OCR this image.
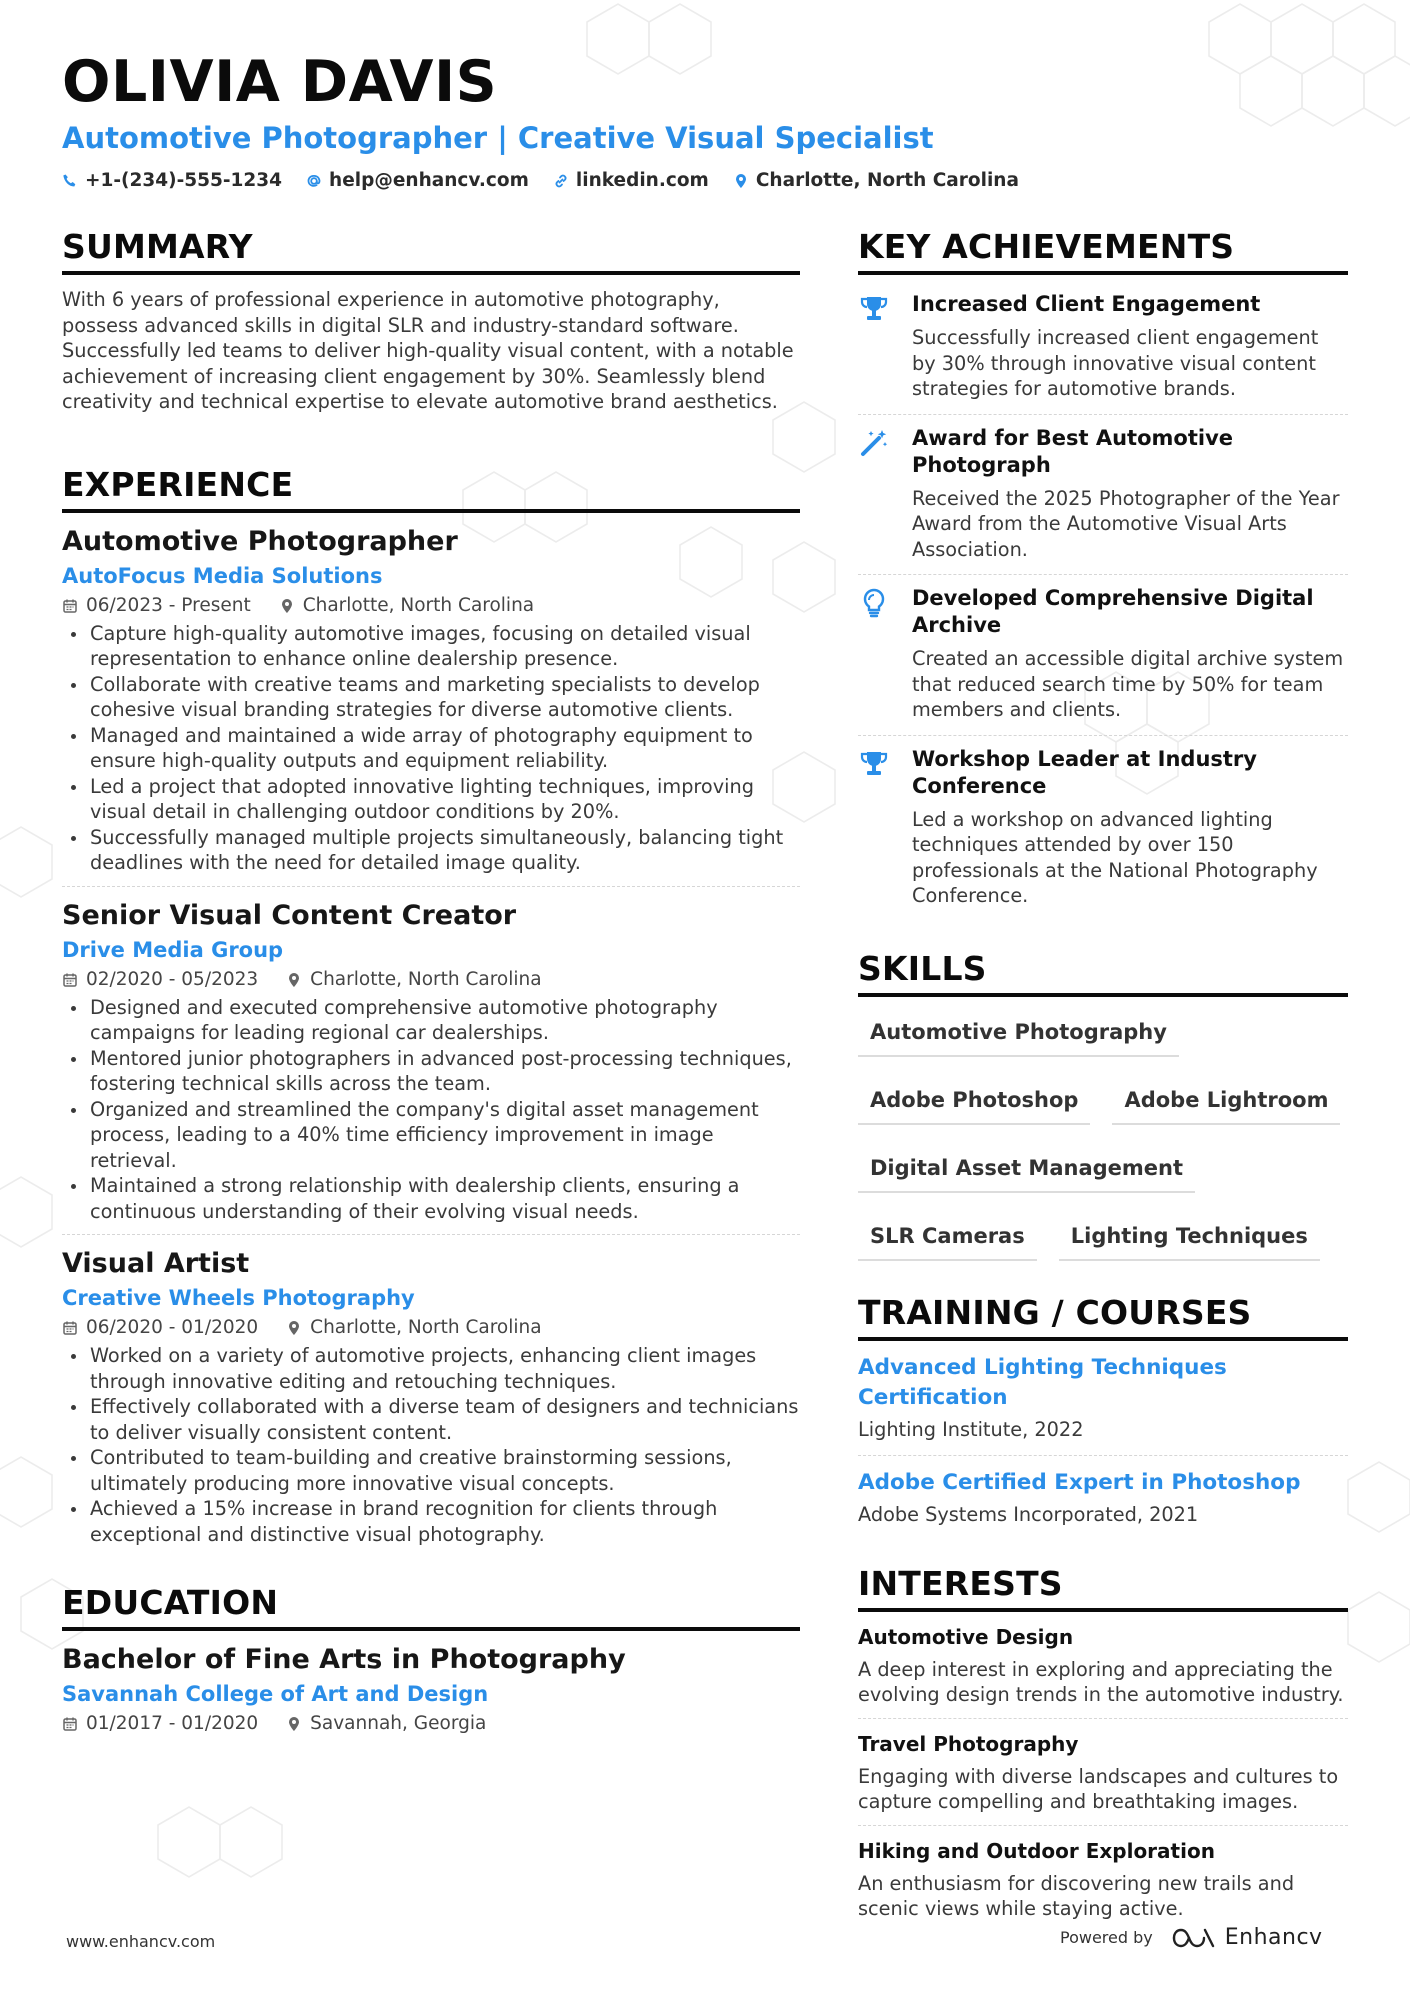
OLIVIA DAVIS
Automotive Photographer | Creative Visual Specialist
+1-(234)-555-1234	help@enhancv.com	linkedin.com	Charlotte, North Carolina
SUMMARY
With 6 years of professional experience in automotive photography, possess advanced skills in digital SLR and industry-standard software. Successfully led teams to deliver high-quality visual content, with a notable achievement of increasing client engagement by 30%. Seamlessly blend creativity and technical expertise to elevate automotive brand aesthetics.
EXPERIENCE
Automotive Photographer
AutoFocus Media Solutions
06/2023 - Present	Charlotte, North Carolina
Capture high-quality automotive images, focusing on detailed visual representation to enhance online dealership presence.
Collaborate with creative teams and marketing specialists to develop cohesive visual branding strategies for diverse automotive clients.
Managed and maintained a wide array of photography equipment to ensure high-quality outputs and equipment reliability.
Led a project that adopted innovative lighting techniques, improving visual detail in challenging outdoor conditions by 20%.
Successfully managed multiple projects simultaneously, balancing tight deadlines with the need for detailed image quality.
Senior Visual Content Creator
Drive Media Group
02/2020 - 05/2023	Charlotte, North Carolina
Designed and executed comprehensive automotive photography campaigns for leading regional car dealerships.
Mentored junior photographers in advanced post-processing techniques, fostering technical skills across the team.
Organized and streamlined the company's digital asset management process, leading to a 40% time efficiency improvement in image retrieval.
Maintained a strong relationship with dealership clients, ensuring a continuous understanding of their evolving visual needs.
Visual Artist
Creative Wheels Photography
06/2020 - 01/2020	Charlotte, North Carolina
Worked on a variety of automotive projects, enhancing client images through innovative editing and retouching techniques.
Effectively collaborated with a diverse team of designers and technicians to deliver visually consistent content.
Contributed to team-building and creative brainstorming sessions, ultimately producing more innovative visual concepts.
Achieved a 15% increase in brand recognition for clients through exceptional and distinctive visual photography.
EDUCATION
Bachelor of Fine Arts in Photography
Savannah College of Art and Design
01/2017 - 01/2020	Savannah, Georgia
KEY ACHIEVEMENTS
Increased Client Engagement
Successfully increased client engagement by 30% through innovative visual content strategies for automotive brands.
Award for Best Automotive Photograph
Received the 2025 Photographer of the Year Award from the Automotive Visual Arts Association.
Developed Comprehensive Digital Archive
Created an accessible digital archive system that reduced search time by 50% for team members and clients.
Workshop Leader at Industry Conference
Led a workshop on advanced lighting techniques attended by over 150 professionals at the National Photography Conference.
SKILLS
Automotive Photography
Adobe Photoshop	Adobe Lightroom
Digital Asset Management
SLR Cameras	Lighting Techniques
TRAINING / COURSES
Advanced Lighting Techniques Certification
Lighting Institute, 2022
Adobe Certified Expert in Photoshop
Adobe Systems Incorporated, 2021
INTERESTS
Automotive Design
A deep interest in exploring and appreciating the evolving design trends in the automotive industry.
Travel Photography
Engaging with diverse landscapes and cultures to capture compelling and breathtaking images.
Hiking and Outdoor Exploration
An enthusiasm for discovering new trails and scenic views while staying active.
www.enhancv.com	Powered by	Enhancv
